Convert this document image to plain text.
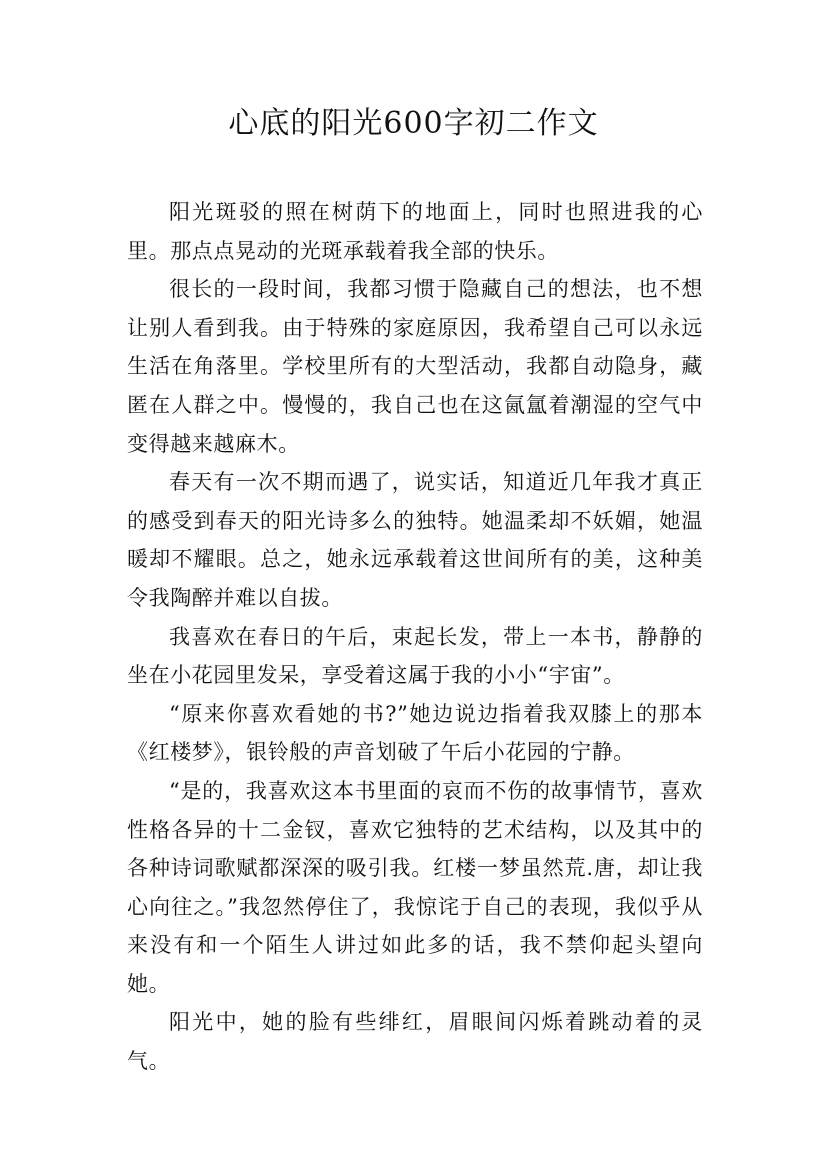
心底的阳光600字初二作文

阳光斑驳的照在树荫下的地面上，同时也照进我的心里。那点点晃动的光斑承载着我全部的快乐。

很长的一段时间，我都习惯于隐藏自己的想法，也不想让别人看到我。由于特殊的家庭原因，我希望自己可以永远生活在角落里。学校里所有的大型活动，我都自动隐身，藏匿在人群之中。慢慢的，我自己也在这氤氲着潮湿的空气中变得越来越麻木。

春天有一次不期而遇了，说实话，知道近几年我才真正的感受到春天的阳光诗多么的独特。她温柔却不妖媚，她温暖却不耀眼。总之，她永远承载着这世间所有的美，这种美令我陶醉并难以自拔。

我喜欢在春日的午后，束起长发，带上一本书，静静的坐在小花园里发呆，享受着这属于我的小小“宇宙”。

“原来你喜欢看她的书?”她边说边指着我双膝上的那本《红楼梦》，银铃般的声音划破了午后小花园的宁静。

“是的，我喜欢这本书里面的哀而不伤的故事情节，喜欢性格各异的十二金钗，喜欢它独特的艺术结构，以及其中的各种诗词歌赋都深深的吸引我。红楼一梦虽然荒.唐，却让我心向往之。”我忽然停住了，我惊诧于自己的表现，我似乎从来没有和一个陌生人讲过如此多的话，我不禁仰起头望向她。

阳光中，她的脸有些绯红，眉眼间闪烁着跳动着的灵气。
